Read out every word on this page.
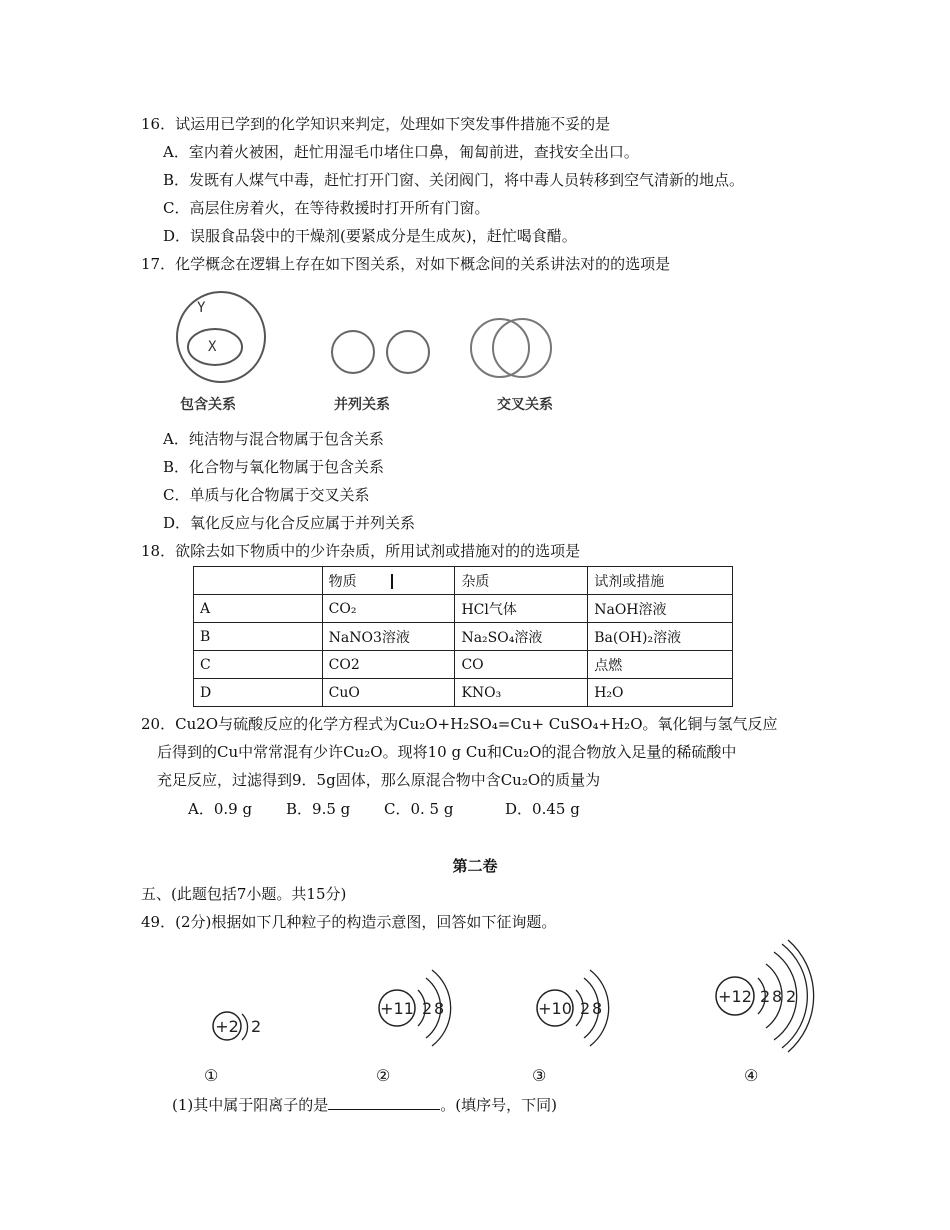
16．试运用已学到的化学知识来判定，处理如下突发事件措施不妥的是
A．室内着火被困，赶忙用湿毛巾堵住口鼻，匍匐前进，查找安全出口。
B．发既有人煤气中毒，赶忙打开门窗、关闭阀门，将中毒人员转移到空气清新的地点。
C．高层住房着火，在等待救援时打开所有门窗。
D．误服食品袋中的干燥剂(要紧成分是生成灰)，赶忙喝食醋。
17．化学概念在逻辑上存在如下图关系，对如下概念间的关系讲法对的的选项是
Y
X
包含关系	并列关系	交叉关系
A．纯洁物与混合物属于包含关系
B．化合物与氧化物属于包含关系
C．单质与化合物属于交叉关系
D．氧化反应与化合反应属于并列关系
18．欲除去如下物质中的少许杂质，所用试剂或措施对的的选项是
	物质	杂质	试剂或措施
A	CO₂	HCl气体	NaOH溶液
B	NaNO3溶液	Na₂SO₄溶液	Ba(OH)₂溶液
C	CO2	CO	点燃
D	CuO	KNO₃	H₂O
20．Cu2O与硫酸反应的化学方程式为Cu₂O+H₂SO₄=Cu+ CuSO₄+H₂O。氧化铜与氢气反应
后得到的Cu中常常混有少许Cu₂O。现将10 g Cu和Cu₂O的混合物放入足量的稀硫酸中
充足反应，过滤得到9．5g固体，那么原混合物中含Cu₂O的质量为
A．0.9 g B．9.5 g C．0. 5 g	D．0.45 g
第二卷
五、(此题包括7小题。共15分)
49．(2分)根据如下几种粒子的构造示意图，回答如下征询题。
+2 2
+11 2 8	+10 2 8
+12 2 8 2
①	②	③	④
(1)其中属于阳离子的是	。(填序号，下同)
